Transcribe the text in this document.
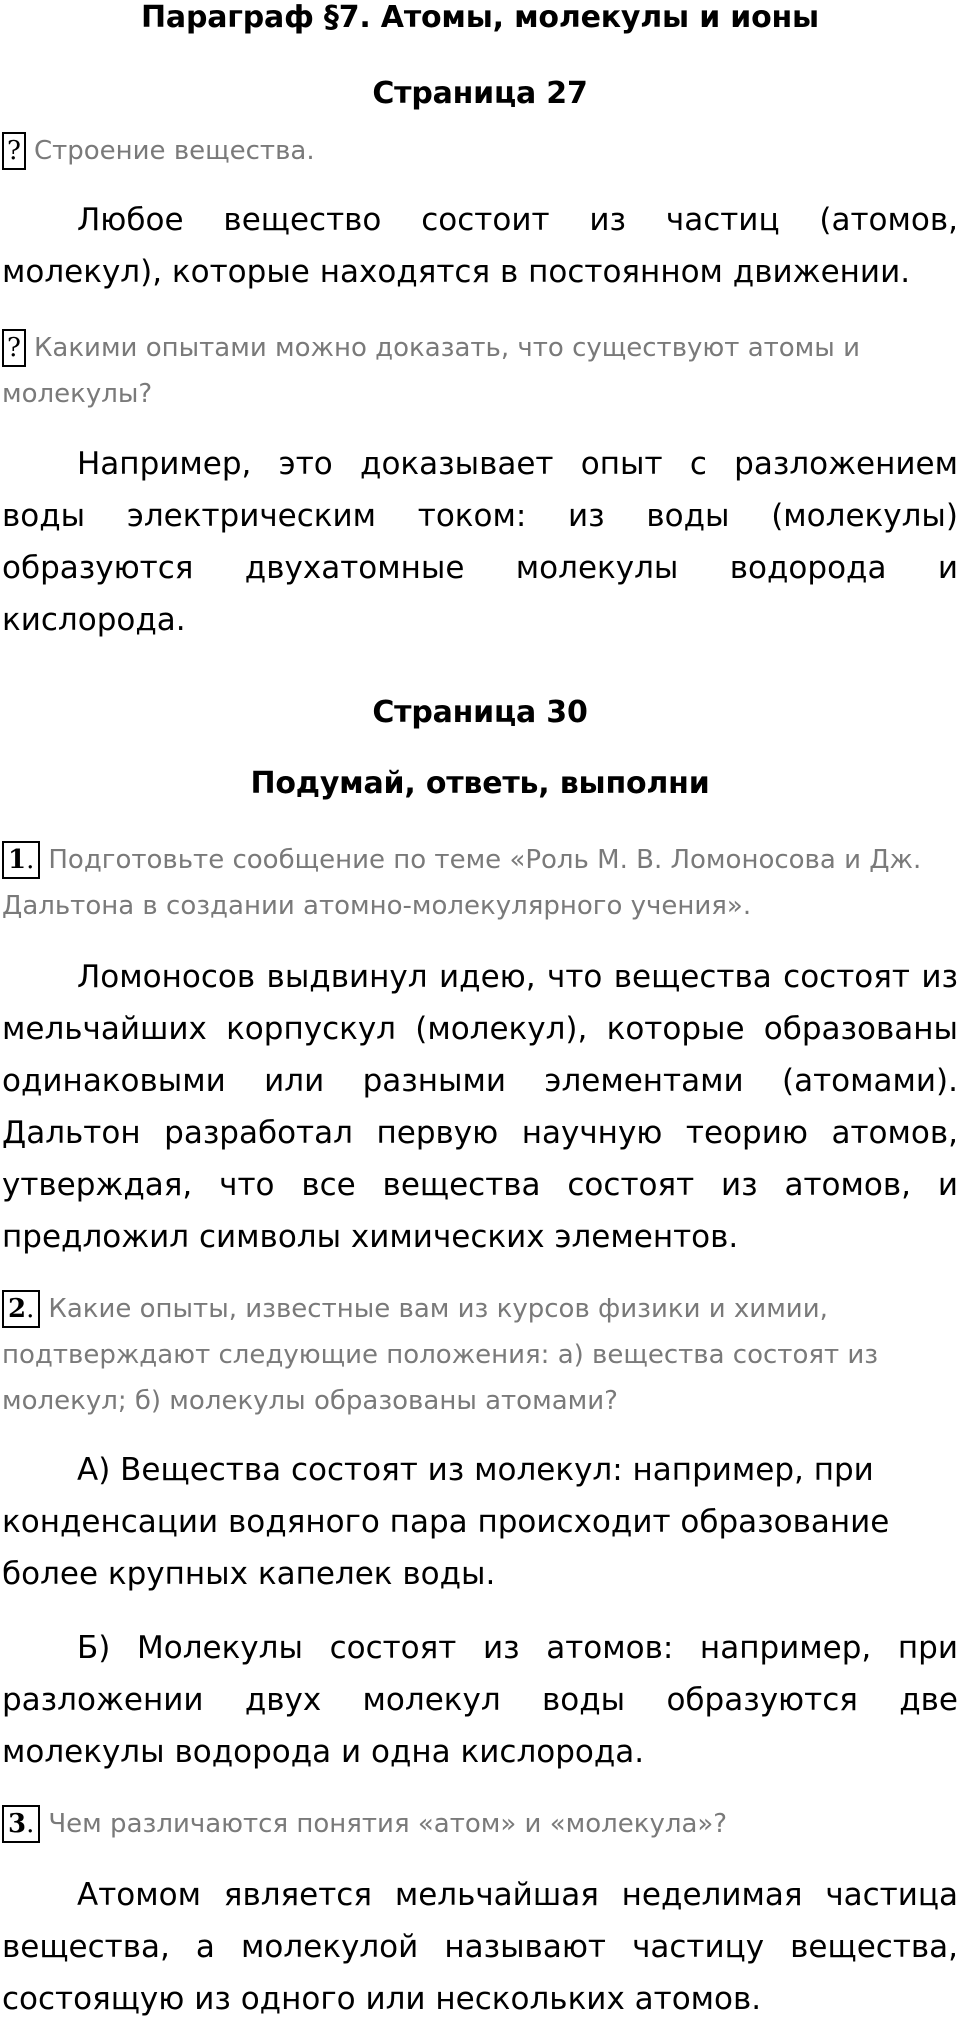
Параграф §7. Атомы, молекулы и ионы
Страница 27
? Строение вещества.
Любое вещество состоит из частиц (атомов, молекул), которые находятся в постоянном движении.
? Какими опытами можно доказать, что существуют атомы и молекулы?
Например, это доказывает опыт с разложением воды электрическим током: из воды (молекулы) образуются двухатомные молекулы водорода и кислорода.
Страница 30
Подумай, ответь, выполни
1. Подготовьте сообщение по теме «Роль М. В. Ломоносова и Дж. Дальтона в создании атомно-молекулярного учения».
Ломоносов выдвинул идею, что вещества состоят из мельчайших корпускул (молекул), которые образованы одинаковыми или разными элементами (атомами). Дальтон разработал первую научную теорию атомов, утверждая, что все вещества состоят из атомов, и предложил символы химических элементов.
2. Какие опыты, известные вам из курсов физики и химии, подтверждают следующие положения: а) вещества состоят из молекул; б) молекулы образованы атомами?
А) Вещества состоят из молекул: например, при конденсации водяного пара происходит образование более крупных капелек воды.
Б) Молекулы состоят из атомов: например, при разложении двух молекул воды образуются две молекулы водорода и одна кислорода.
3. Чем различаются понятия «атом» и «молекула»?
Атомом является мельчайшая неделимая частица вещества, а молекулой называют частицу вещества, состоящую из одного или нескольких атомов.
